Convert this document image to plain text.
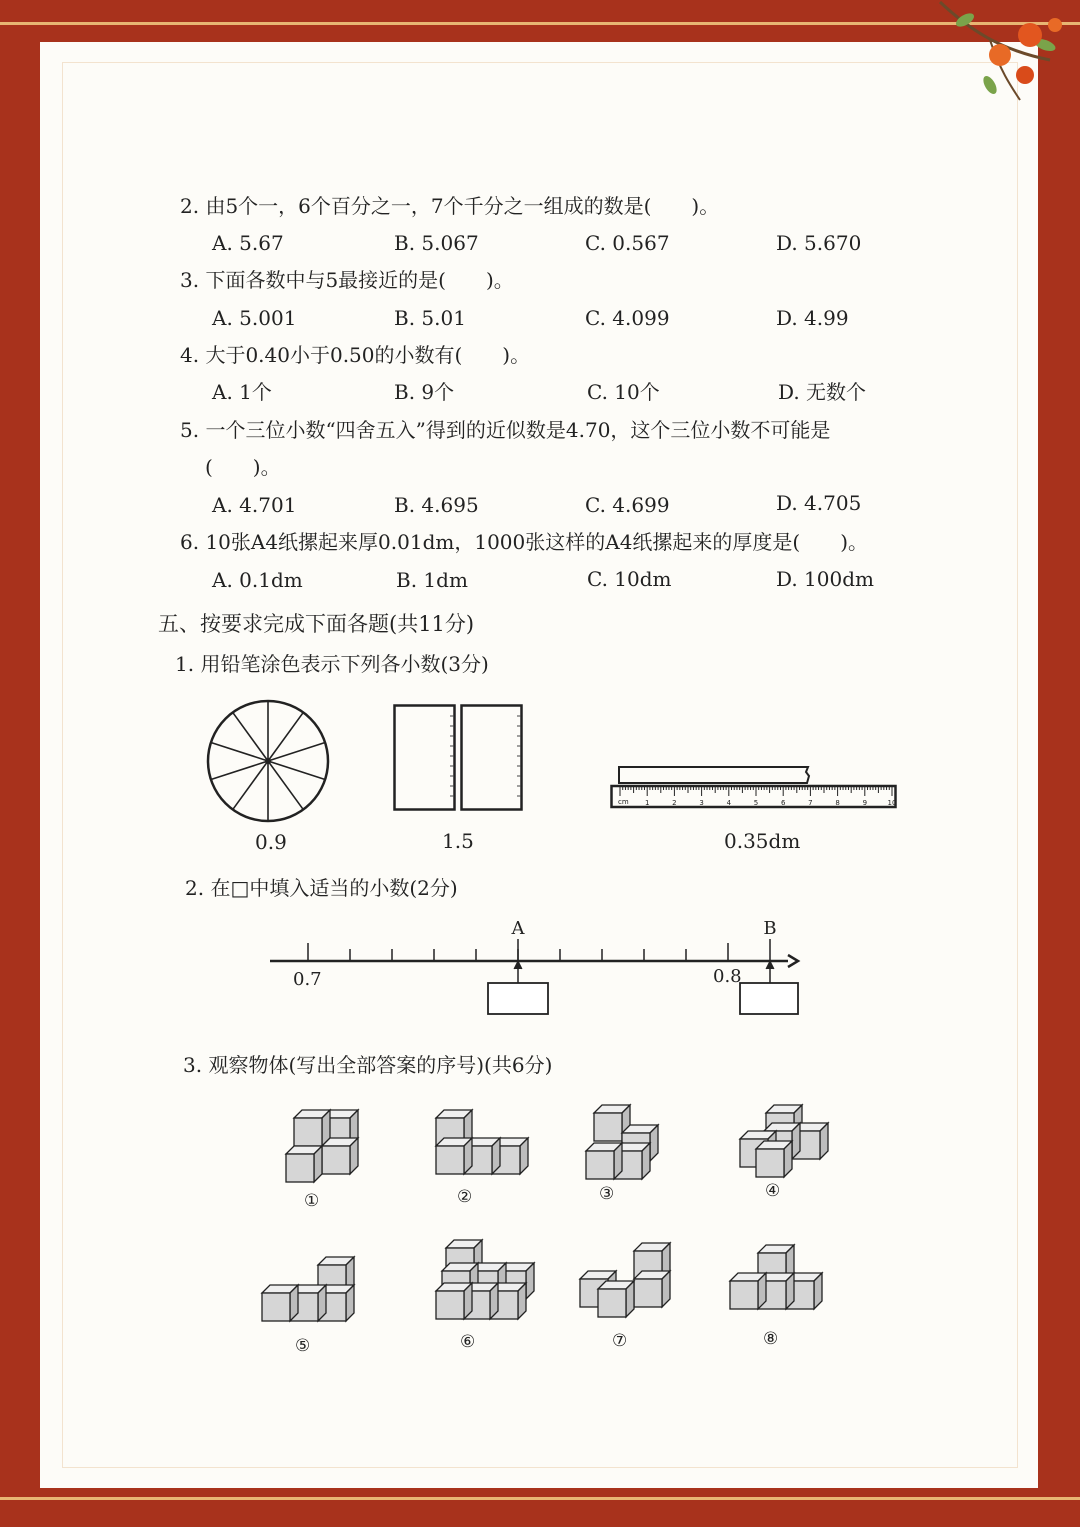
2. 由5个一，6个百分之一，7个千分之一组成的数是(　　)。
A. 5.67	B. 5.067	C. 0.567	D. 5.670
3. 下面各数中与5最接近的是(　　)。
A. 5.001	B. 5.01	C. 4.099	D. 4.99
4. 大于0.40小于0.50的小数有(　　)。
A. 1个	B. 9个	C. 10个	D. 无数个
5. 一个三位小数“四舍五入”得到的近似数是4.70，这个三位小数不可能是
(　　)。
A. 4.701	B. 4.695	C. 4.699	D. 4.705
6. 10张A4纸摞起来厚0.01dm，1000张这样的A4纸摞起来的厚度是(　　)。
A. 0.1dm	B. 1dm	C. 10dm	D. 100dm
五、按要求完成下面各题(共11分)
1. 用铅笔涂色表示下列各小数(3分)
0.9	1.5
cm 1	2	3	4	5	6	7	8	9	10
0.35dm
2. 在□中填入适当的小数(2分)
A	B
0.7	0.8
3. 观察物体(写出全部答案的序号)(共6分)
①	②	③	④
⑤	⑥	⑦	⑧
